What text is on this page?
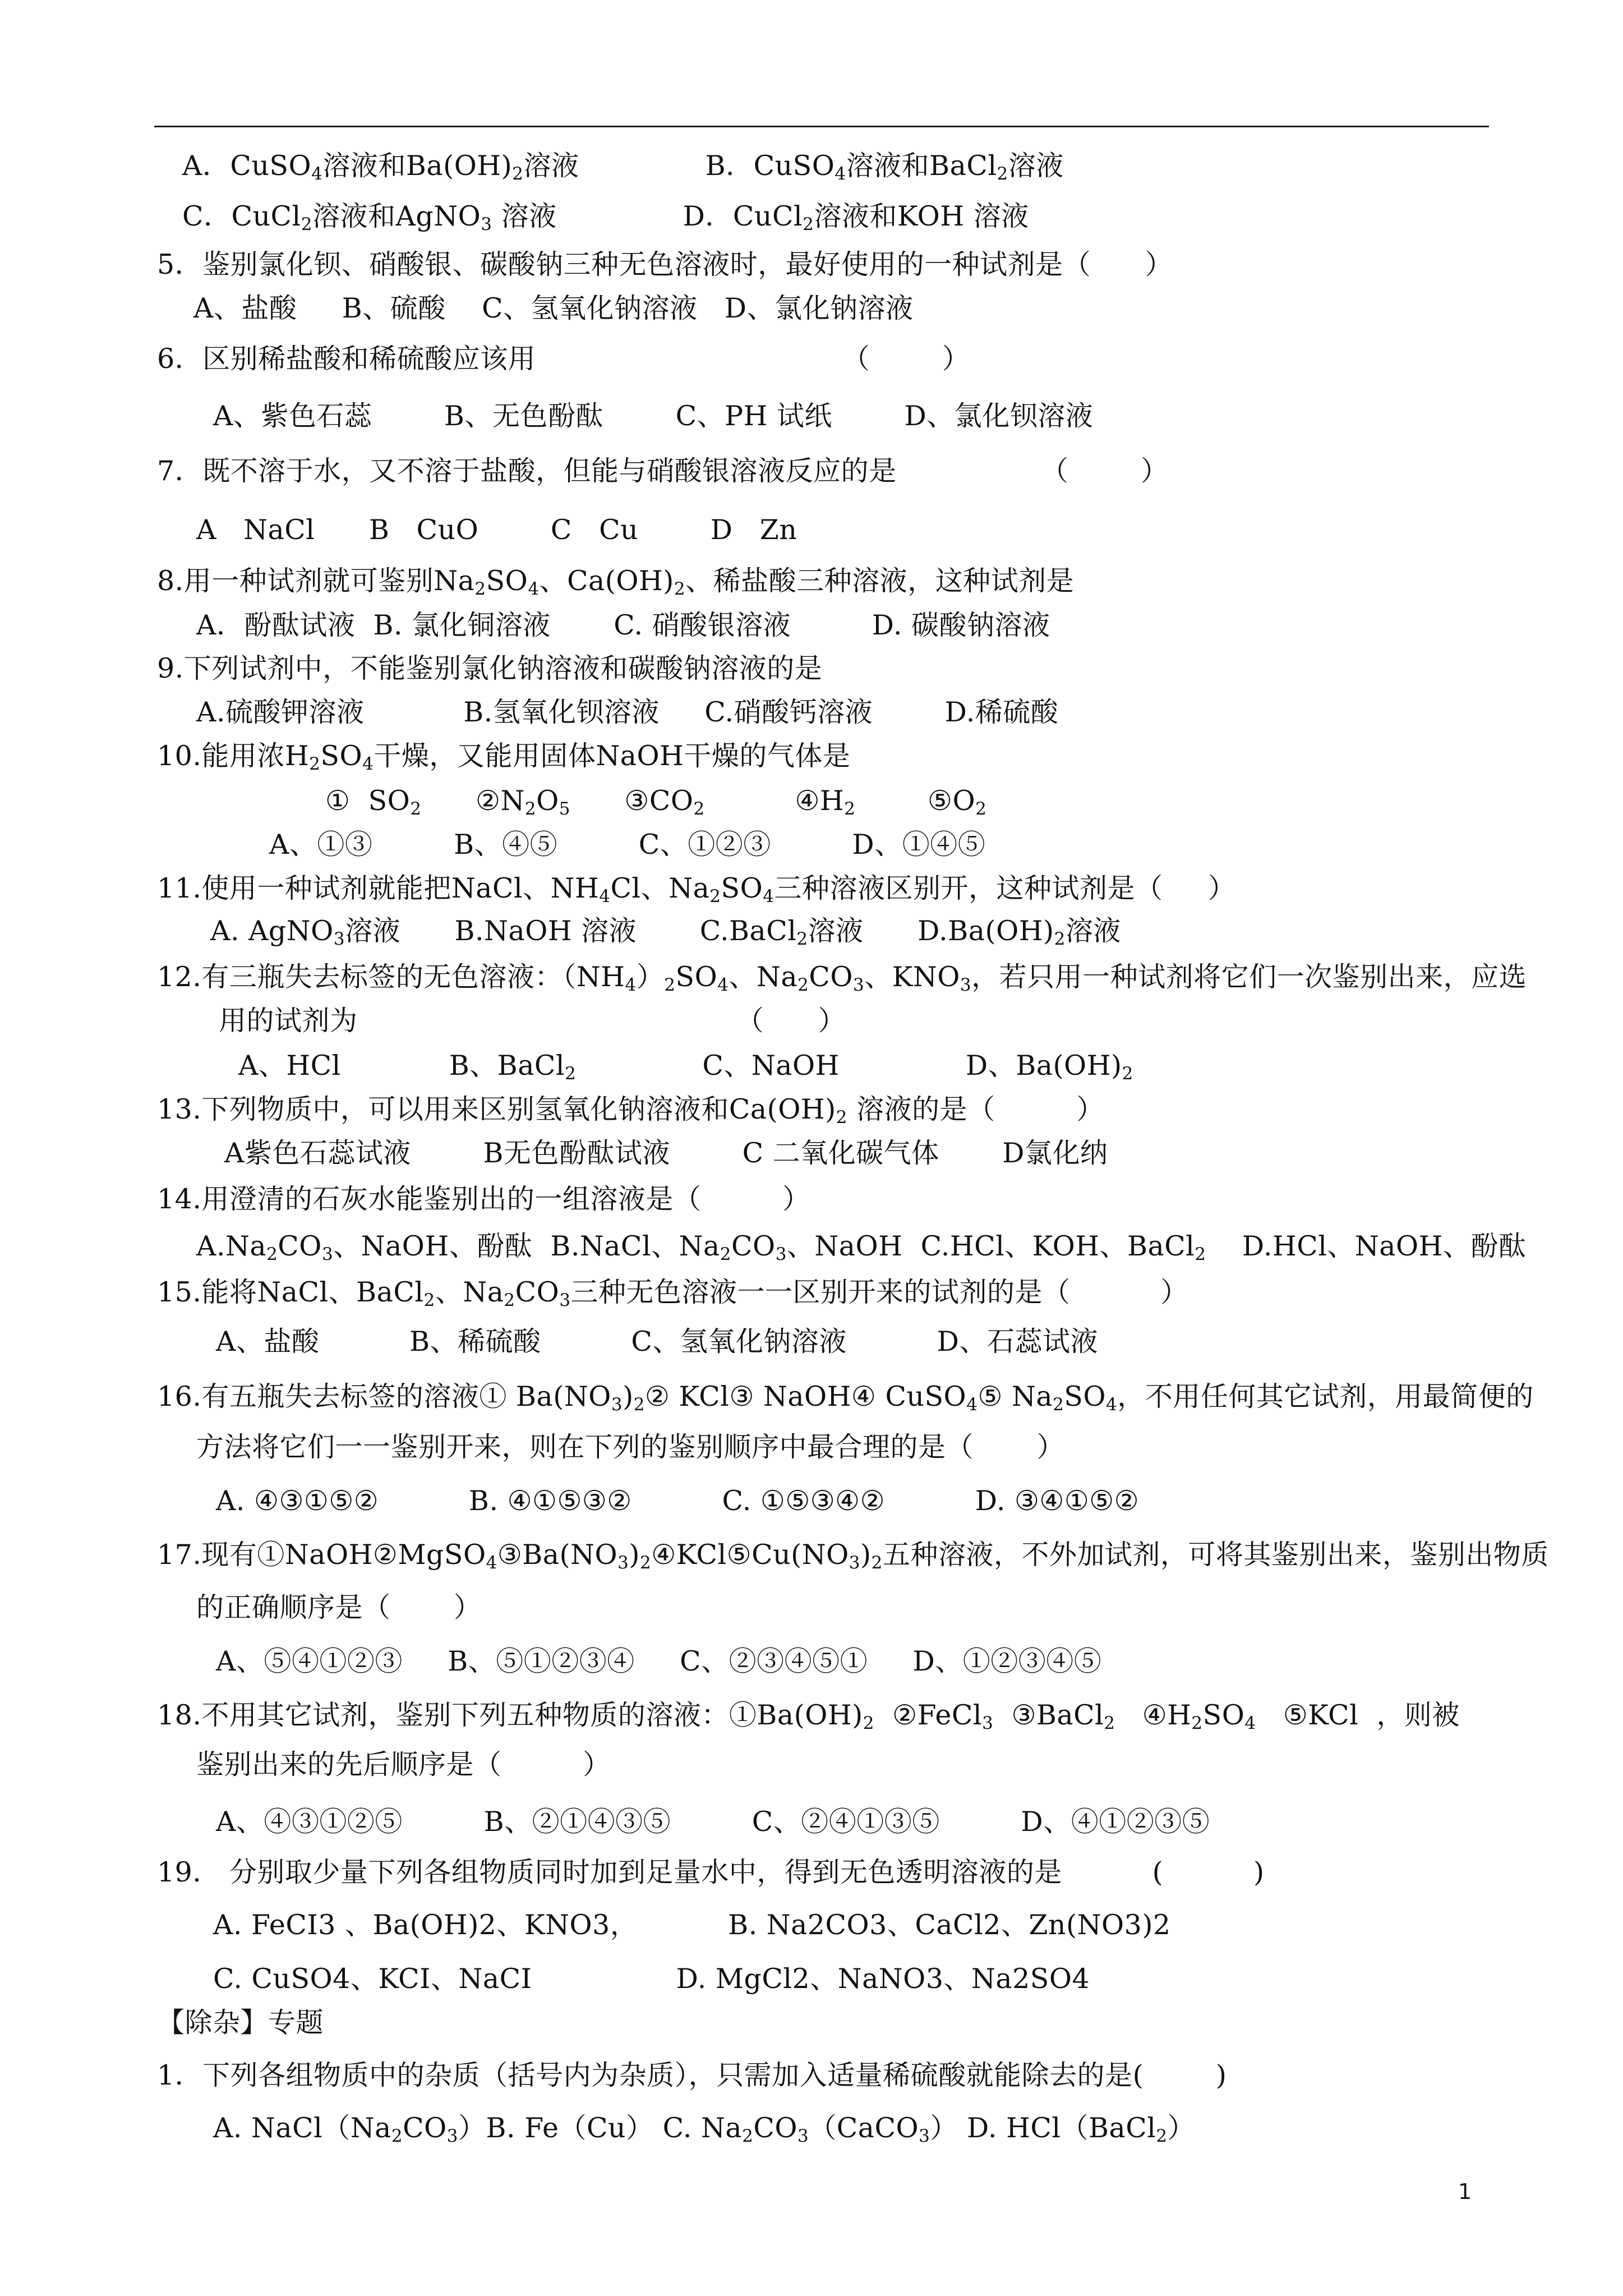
A．CuSO$_4$溶液和$Ba(OH)_2$溶液              B．CuSO$_4$溶液和BaCl$_2$溶液
C．CuCl$_2$溶液和AgNO$_3$ 溶液              D．CuCl$_2$溶液和KOH 溶液
5．鉴别氯化钡、硝酸银、碳酸钠三种无色溶液时，最好使用的一种试剂是（      ）
A、盐酸     B、硫酸    C、氢氧化钠溶液   D、氯化钠溶液
6．区别稀盐酸和稀硫酸应该用                                  （        ）
A、紫色石蕊        B、无色酚酞        C、PH 试纸        D、氯化钡溶液
7．既不溶于水，又不溶于盐酸，但能与硝酸银溶液反应的是                （        ）
A   NaCl      B   CuO        C   Cu        D   Zn
8.用一种试剂就可鉴别$Na_2SO_4$、$Ca(OH)_2$、稀盐酸三种溶液，这种试剂是
A．酚酞试液  B. 氯化铜溶液       C. 硝酸银溶液         D. 碳酸钠溶液
9.下列试剂中，不能鉴别氯化钠溶液和碳酸钠溶液的是
A.硫酸钾溶液           B.氢氧化钡溶液     C.硝酸钙溶液        D.稀硫酸
10.能用浓$H_2SO_4$干燥，又能用固体NaOH干燥的气体是
①  $SO_2$      $②N_2O_5$      $③CO_2$          $④H_2$        $⑤O_2$
A、①③         B、④⑤         C、①②③         D、①④⑤
11.使用一种试剂就能把NaCl、$NH_4Cl$、$Na_2SO_4$三种溶液区别开，这种试剂是（     ）
A. AgNO$_3$溶液      B.NaOH 溶液       C.BaCl$_2$溶液      $D.Ba(OH)_2$溶液
12.有三瓶失去标签的无色溶液：$(NH_4)_2SO_4$、$Na_2CO_3$、$KNO_3$，若只用一种试剂将它们一次鉴别出来，应选
用的试剂为                                          （      ）
A、HCl            B、BaCl$_2$              C、NaOH              D、$Ba(OH)_2$
13.下列物质中，可以用来区别氢氧化钠溶液和$Ca(OH)_2$ 溶液的是（         ）
A紫色石蕊试液        B无色酚酞试液        C 二氧化碳气体       D氯化纳
14.用澄清的石灰水能鉴别出的一组溶液是（         ）
$A.Na_2CO_3$、NaOH、酚酞  B.NaCl、$Na_2CO_3$、NaOH  C.HCl、KOH、BaCl$_2$    D.HCl、NaOH、酚酞
15.能将NaCl、BaCl$_2$、$Na_2CO_3$三种无色溶液一一区别开来的试剂的是（          ）
A、盐酸          B、稀硫酸          C、氢氧化钠溶液          D、石蕊试液
16.有五瓶失去标签的溶液① $Ba(NO_3)_2②$ KCl③ NaOH④ CuSO$_4$⑤ $Na_2SO_4$，不用任何其它试剂，用最简便的
方法将它们一一鉴别开来，则在下列的鉴别顺序中最合理的是（       ）
A. ④③①⑤②          B. ④①⑤③②          C. ①⑤③④②          D. ③④①⑤②
17.现有$①NaOH②MgSO_4③Ba(NO_3)_2④KCl⑤Cu(NO_3)_2$五种溶液，不外加试剂，可将其鉴别出来，鉴别出物质
的正确顺序是（       ）
A、⑤④①②③     B、⑤①②③④     C、②③④⑤①     D、①②③④⑤
18.不用其它试剂，鉴别下列五种物质的溶液：$①Ba(OH)_2$  ②FeCl$_3$  ③BaCl$_2$   $④H_2SO_4$   ⑤KCl  ，则被
鉴别出来的先后顺序是（         ）
A、④③①②⑤         B、②①④③⑤         C、②④①③⑤         D、④①②③⑤
19． 分别取少量下列各组物质同时加到足量水中，得到无色透明溶液的是          (          )
A. FeCI3 、Ba(OH)2、KNO3，          B. Na2CO3、CaCl2、Zn(NO3)2
C. CuSO4、KCI、NaCI                D. MgCl2、NaNO3、Na2SO4
【除杂】专题
1．下列各组物质中的杂质（括号内为杂质），只需加入适量稀硫酸就能除去的是(        )
A. $NaCl(Na_2CO_3)B$. Fe（Cu） C. $Na_2CO_3(CaCO_3)$ D. HCl（BaCl$_2$）
1
